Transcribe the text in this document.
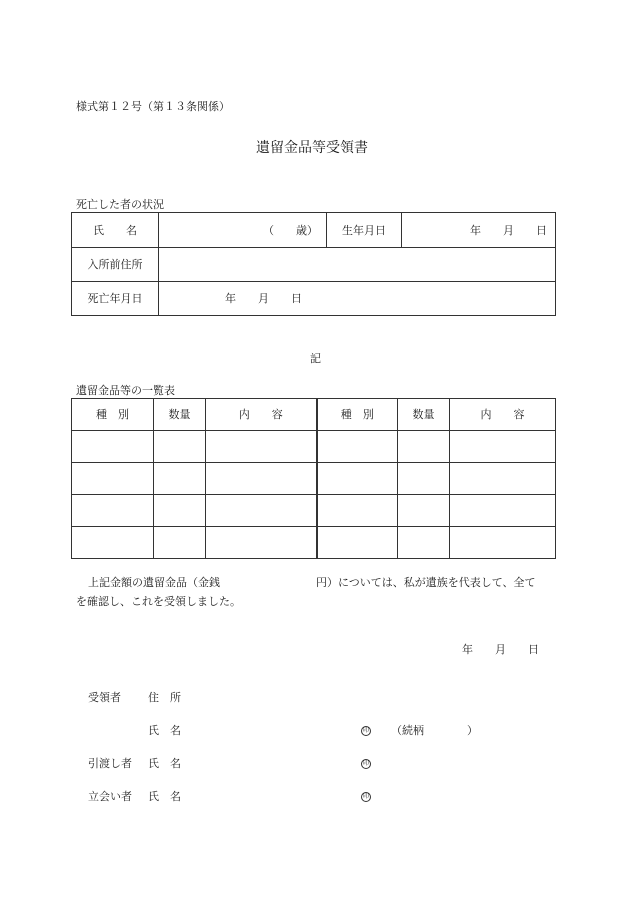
様式第１２号（第１３条関係）
遺留金品等受領書
死亡した者の状況
氏　　名	（ 歳）	生年月日	年　　月　　日
入所前住所			
死亡年月日	年　　月　　日		
記
遺留金品等の一覧表
種　別	数量	内　　容	種　別	数量	内　　容

上記金額の遺留金品（金銭	円）については、私が遺族を代表して、全て
を確認し、これを受領しました。
年　　月　　日
受領者 住　所
氏　名	印 （続柄	）
引渡し者 氏　名	印
立会い者 氏　名	印
